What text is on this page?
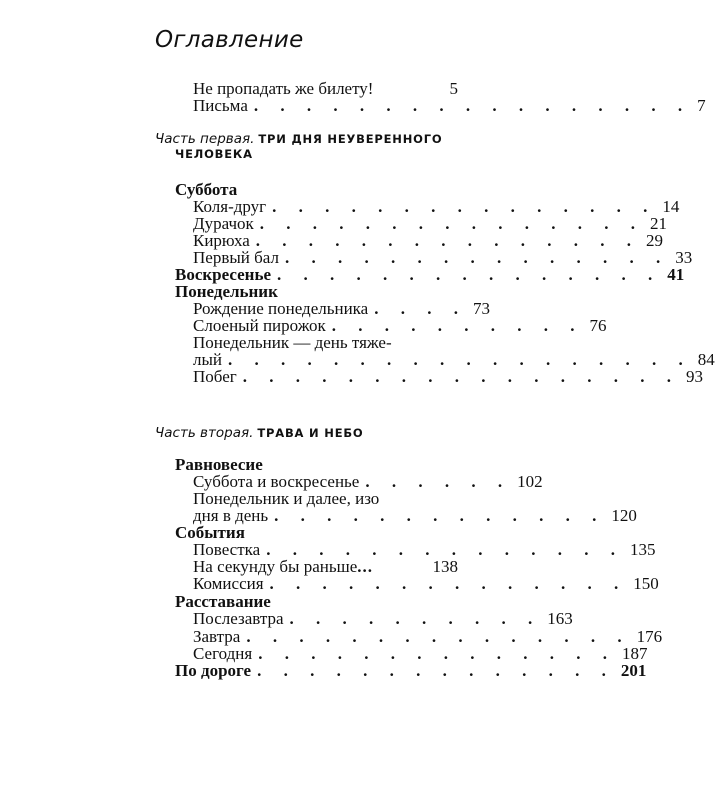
Оглавление
Не пропадать же билету!	5
Письма . . . . . . . . . . . . . . . . . 7
Часть первая. ТРИ ДНЯ НЕУВЕРЕННОГО
ЧЕЛОВЕКА
Суббота
Коля-друг . . . . . . . . . . . . . . . 14
Дурачок . . . . . . . . . . . . . . . 21
Кирюха . . . . . . . . . . . . . . . 29
Первый бал . . . . . . . . . . . . . . . 33
Воскресенье . . . . . . . . . . . . . . . 41
Понедельник
Рождение понедельника . . . . 73
Слоеный пирожок . . . . . . . . . . 76
Понедельник — день тяже-
лый . . . . . . . . . . . . . . . . . . 84
Побег . . . . . . . . . . . . . . . . . 93
Часть вторая. ТРАВА И НЕБО
Равновесие
Суббота и воскресенье . . . . . . 102
Понедельник и далее, изо
дня в день . . . . . . . . . . . . . 120
События
Повестка . . . . . . . . . . . . . . 135
На секунду бы раньше ...	138
Комиссия . . . . . . . . . . . . . . 150
Расставание
Послезавтра . . . . . . . . . . 163
Завтра . . . . . . . . . . . . . . . 176
Сегодня . . . . . . . . . . . . . . 187
По дороге . . . . . . . . . . . . . . 201
